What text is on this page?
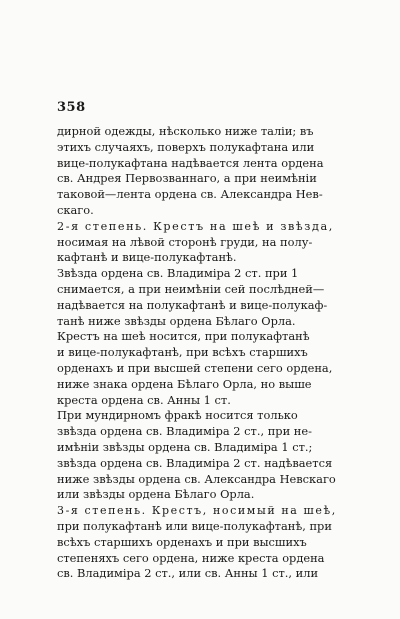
358
дирной одежды, нѣсколько ниже таліи; въ
этихъ случаяхъ, поверхъ полукафтана или
вице-полукафтана надѣвается лента ордена
св. Андрея Первозваннаго, а при неимѣніи
таковой—лента ордена св. Александра Нев-
скаго.
2-я степень. Крестъ на шеѣ и звѣзда,
носимая на лѣвой сторонѣ груди, на полу-
кафтанѣ и вице-полукафтанѣ.
Звѣзда ордена св. Владиміра 2 ст. при 1
снимается, а при неимѣніи сей послѣдней—
надѣвается на полукафтанѣ и вице-полукаф-
танѣ ниже звѣзды ордена Бѣлаго Орла.
Крестъ на шеѣ носится, при полукафтанѣ
и вице-полукафтанѣ, при всѣхъ старшихъ
орденахъ и при высшей степени сего ордена,
ниже знака ордена Бѣлаго Орла, но выше
креста ордена св. Анны 1 ст.
При мундирномъ фракѣ носится только
звѣзда ордена св. Владиміра 2 ст., при не-
имѣніи звѣзды ордена св. Владиміра 1 ст.;
звѣзда ордена св. Владиміра 2 ст. надѣвается
ниже звѣзды ордена св. Александра Невскаго
или звѣзды ордена Бѣлаго Орла.
3-я степень. Крестъ, носимый на шеѣ,
при полукафтанѣ или вице-полукафтанѣ, при
всѣхъ старшихъ орденахъ и при высшихъ
степеняхъ сего ордена, ниже креста ордена
св. Владиміра 2 ст., или св. Анны 1 ст., или
